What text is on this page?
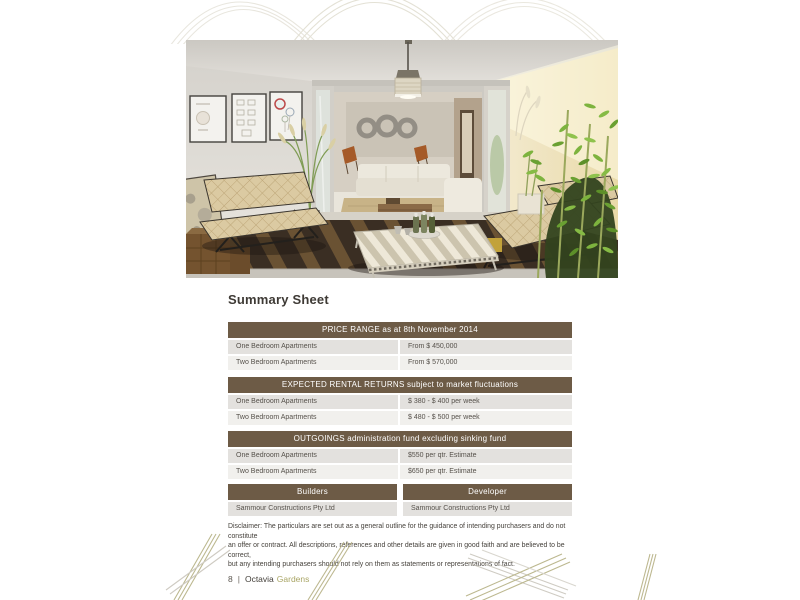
Summary Sheet
PRICE RANGE as at 8th November 2014
One Bedroom Apartments	From $ 450,000
Two Bedroom Apartments	From $ 570,000
EXPECTED RENTAL RETURNS subject to market fluctuations
One Bedroom Apartments	$ 380 - $ 400 per week
Two Bedroom Apartments	$ 480 - $ 500 per week
OUTGOINGS administration fund excluding sinking fund
One Bedroom Apartments	$550 per qtr. Estimate
Two Bedroom Apartments	$650 per qtr. Estimate
Builders
Sammour Constructions Pty Ltd
Developer
Sammour Constructions Pty Ltd
Disclaimer: The particulars are set out as a general outline for the guidance of intending purchasers and do not constitute
an offer or contract. All descriptions, references and other details are given in good faith and are believed to be correct,
but any intending purchasers should not rely on them as statements or representations of fact.
8 | Octavia Gardens
